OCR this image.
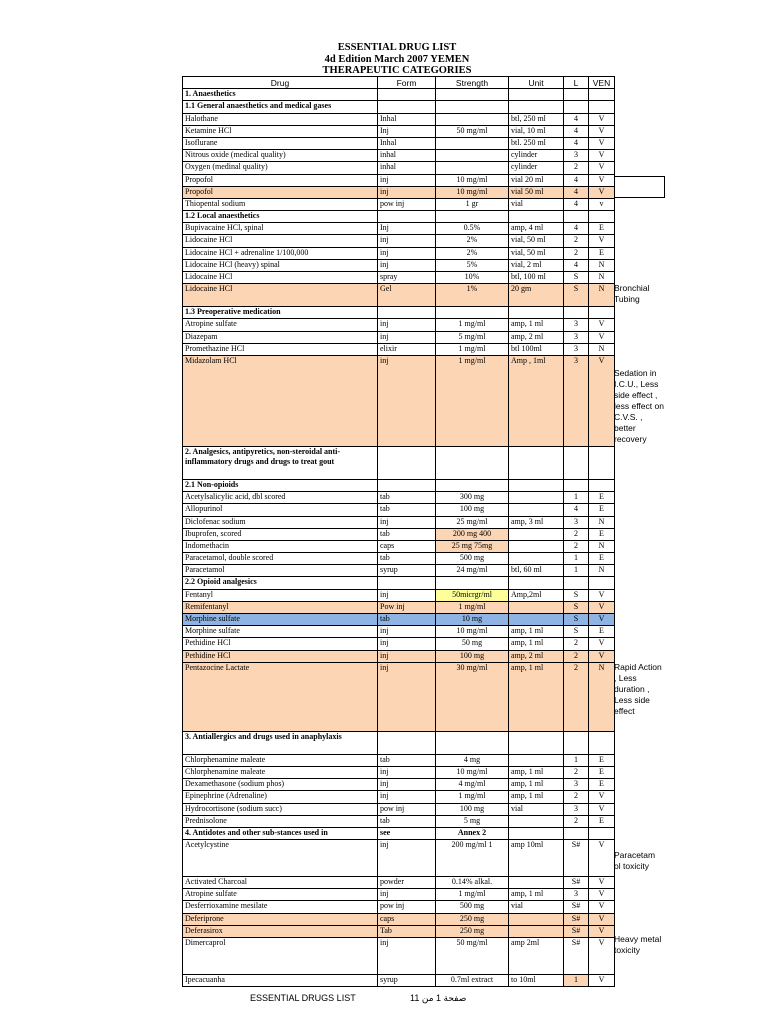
ESSENTIAL DRUG LIST
4d Edition March 2007 YEMEN
THERAPEUTIC CATEGORIES
Drug	Form	Strength	Unit	L	VEN
1. Anaesthetics					
1.1 General anaesthetics and medical gases					
Halothane	Inhal		btl, 250 ml	4	V
Ketamine HCl	Inj	50 mg/ml	vial, 10 ml	4	V
Isoflurane	Inhal		btl. 250 ml	4	V
Nitrous oxide (medical quality)	inhal		cylinder	3	V
Oxygen (medinal quality)	inhal		cylinder	2	V
Propofol	inj	10 mg/ml	vial 20 ml	4	V
Propofol	inj	10 mg/ml	vial 50 ml	4	V
Thiopental sodium	pow inj	1 gr	vial	4	v
1.2 Local anaesthetics					
Bupivacaine HCl, spinal	Inj	0.5%	amp, 4 ml	4	E
Lidocaine HCl	inj	2%	vial, 50 ml	2	V
Lidocaine HCl + adrenaline 1/100,000	inj	2%	vial, 50 ml	2	E
Lidocaine HCl (heavy) spinal	inj	5%	vial, 2 ml	4	N
Lidocaine HCl	spray	10%	btl, 100 ml	S	N
Lidocaine HCl	Gel	1%	20 gm	S	N
1.3 Preoperative medication					
Atropine sulfate	inj	1 mg/ml	amp, 1 ml	3	V
Diazepam	inj	5 mg/ml	amp, 2 ml	3	V
Promethazine HCl	elixir	1 mg/ml	btl 100ml	3	N
Midazolam HCl	inj	1 mg/ml	Amp , 1ml	3	V
2. Analgesics, antipyretics, non-steroidal anti-inflammatory drugs and drugs to treat gout					
2.1 Non-opioids					
Acetylsalicylic acid, dbl scored	tab	300 mg		1	E
Allopurinol	tab	100 mg		4	E
Diclofenac sodium	inj	25 mg/ml	amp, 3 ml	3	N
Ibuprofen, scored	tab	200 mg 400		2	E
Indomethacin	caps	25 mg 75mg		2	N
Paracetamol, double scored	tab	500 mg		1	E
Paracetamol	syrup	24 mg/ml	btl, 60 ml	1	N
2.2 Opioid analgesics					
Fentanyl	inj	50micrgr/ml	Amp,2ml	S	V
Remifentanyl	Pow inj	1 mg/ml		S	V
Morphine sulfate	tab	10 mg		S	V
Morphine sulfate	inj	10 mg/ml	amp, 1 ml	S	E
Pethidine HCl	inj	50 mg	amp, 1 ml	2	V
Pethidine HCl	inj	100 mg	amp, 2 ml	2	V
Pentazocine Lactate	inj	30 mg/ml	amp, 1 ml	2	N
3. Antiallergics and drugs used in anaphylaxis					
Chlorphenamine maleate	tab	4 mg		1	E
Chlorphenamine maleate	inj	10 mg/ml	amp, 1 ml	2	E
Dexamethasone (sodium phos)	inj	4 mg/ml	amp, 1 ml	3	E
Epinephrine (Adrenaline)	inj	1 mg/ml	amp, 1 ml	2	V
Hydrocortisone (sodium succ)	pow inj	100 mg	vial	3	V
Prednisolone	tab	5 mg		2	E
4. Antidotes and other sub-stances used in	see	Annex 2			
Acetylcystine	inj	200 mg/ml 1	amp 10ml	S#	V
Activated Charcoal	powder	0.14% alkal.		S#	V
Atropine sulfate	inj	1 mg/ml	amp, 1 ml	3	V
Desferrioxamine mesilate	pow inj	500 mg	vial	S#	V
Deferiprone	caps	250 mg		S#	V
Deferasirox	Tab	250 mg		S#	V
Dimercaprol	inj	50 mg/ml	amp 2ml	S#	V
Ipecacuanha	syrup	0.7ml extract	to 10ml	1	V
Bronchial Tubing
Sedation in I.C.U., Less side effect , less effect on C.V.S. , better recovery
Rapid Action , Less duration , Less side effect
Paracetam ol toxicity
Heavy metal toxicity
ESSENTIAL DRUGS LIST	صفحة 1 من 11
